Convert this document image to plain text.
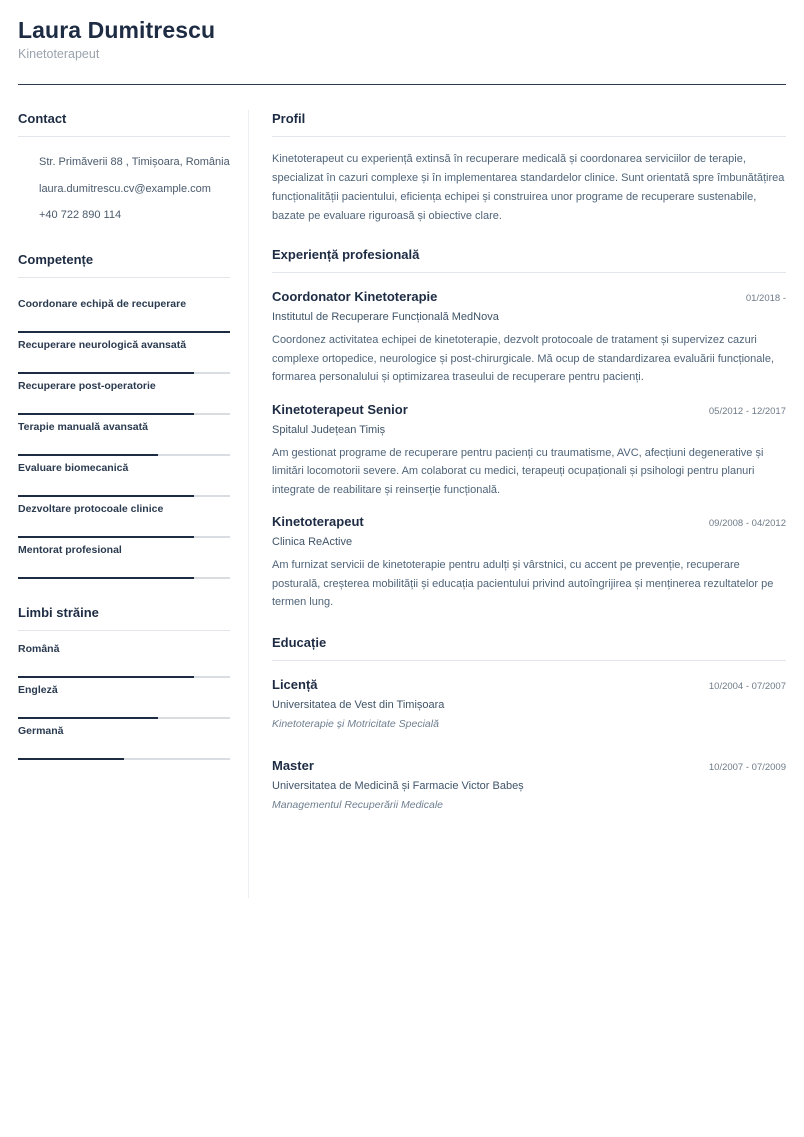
Laura Dumitrescu
Kinetoterapeut
Contact
Str. Primăverii 88 , Timișoara, România
laura.dumitrescu.cv@example.com
+40 722 890 114
Competențe
Coordonare echipă de recuperare
Recuperare neurologică avansată
Recuperare post-operatorie
Terapie manuală avansată
Evaluare biomecanică
Dezvoltare protocoale clinice
Mentorat profesional
Limbi străine
Română
Engleză
Germană
Profil
Kinetoterapeut cu experiență extinsă în recuperare medicală și coordonarea serviciilor de terapie, specializat în cazuri complexe și în implementarea standardelor clinice. Sunt orientată spre îmbunătățirea funcționalității pacientului, eficiența echipei și construirea unor programe de recuperare sustenabile, bazate pe evaluare riguroasă și obiective clare.
Experiență profesională
Coordonator Kinetoterapie	01/2018 -
Institutul de Recuperare Funcțională MedNova
Coordonez activitatea echipei de kinetoterapie, dezvolt protocoale de tratament și supervizez cazuri complexe ortopedice, neurologice și post-chirurgicale. Mă ocup de standardizarea evaluării funcționale, formarea personalului și optimizarea traseului de recuperare pentru pacienți.
Kinetoterapeut Senior	05/2012 - 12/2017
Spitalul Județean Timiș
Am gestionat programe de recuperare pentru pacienți cu traumatisme, AVC, afecțiuni degenerative și limitări locomotorii severe. Am colaborat cu medici, terapeuți ocupaționali și psihologi pentru planuri integrate de reabilitare și reinserție funcțională.
Kinetoterapeut	09/2008 - 04/2012
Clinica ReActive
Am furnizat servicii de kinetoterapie pentru adulți și vârstnici, cu accent pe prevenție, recuperare posturală, creșterea mobilității și educația pacientului privind autoîngrijirea și menținerea rezultatelor pe termen lung.
Educație
Licență	10/2004 - 07/2007
Universitatea de Vest din Timișoara
Kinetoterapie și Motricitate Specială
Master	10/2007 - 07/2009
Universitatea de Medicină și Farmacie Victor Babeș
Managementul Recuperării Medicale
